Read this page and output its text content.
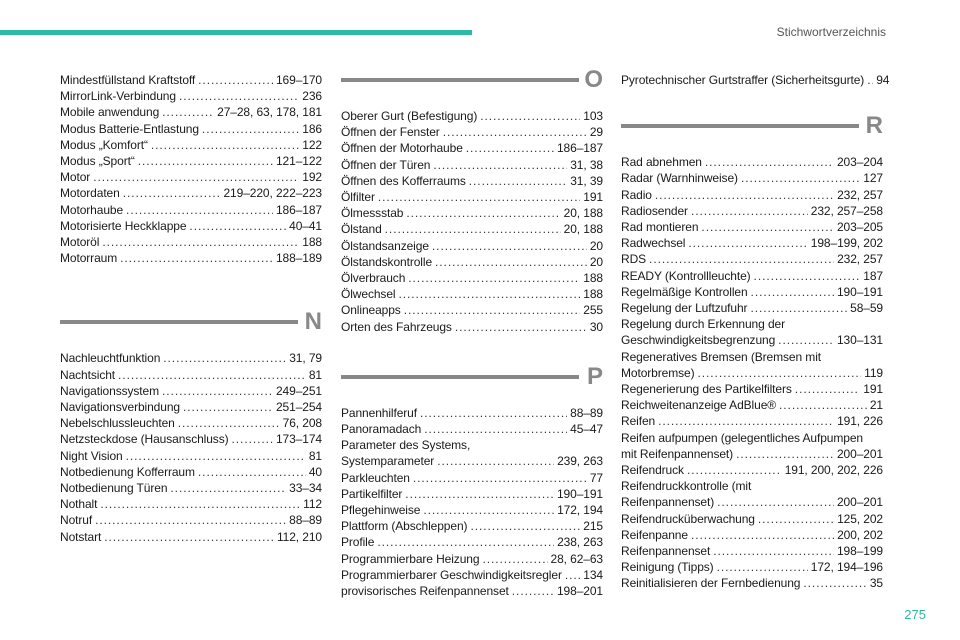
Stichwortverzeichnis
Mindestfüllstand Kraftstoff . . .	169–170
MirrorLink-Verbindung . . .	236
Mobile anwendung . . .	27–28, 63, 178, 181
Modus Batterie-Entlastung . . .	186
Modus „Komfort“ . . .	122
Modus „Sport“ . . .	121–122
Motor . . .	192
Motordaten . . .	219–220, 222–223
Motorhaube . . .	186–187
Motorisierte Heckklappe . . .	40–41
Motoröl . . .	188
Motorraum . . .	188–189
N
Nachleuchtfunktion . . .	31, 79
Nachtsicht . . .	81
Navigationssystem . . .	249–251
Navigationsverbindung . . .	251–254
Nebelschlussleuchten . . .	76, 208
Netzsteckdose (Hausanschluss) . . .	173–174
Night Vision . . .	81
Notbedienung Kofferraum . . .	40
Notbedienung Türen . . .	33–34
Nothalt . . .	112
Notruf . . .	88–89
Notstart . . .	112, 210
O
Oberer Gurt (Befestigung) . . .	103
Öffnen der Fenster . . .	29
Öffnen der Motorhaube . . .	186–187
Öffnen der Türen . . .	31, 38
Öffnen des Kofferraums . . .	31, 39
Ölfilter . . .	191
Ölmessstab . . .	20, 188
Ölstand . . .	20, 188
Ölstandsanzeige . . .	20
Ölstandskontrolle . . .	20
Ölverbrauch . . .	188
Ölwechsel . . .	188
Onlineapps . . .	255
Orten des Fahrzeugs . . .	30
P
Pannenhilferuf . . .	88–89
Panoramadach . . .	45–47
Parameter des Systems,
Systemparameter . . .	239, 263
Parkleuchten . . .	77
Partikelfilter . . .	190–191
Pflegehinweise . . .	172, 194
Plattform (Abschleppen) . . .	215
Profile . . .	238, 263
Programmierbare Heizung . . .	28, 62–63
Programmierbarer Geschwindigkeitsregler . . . 134
provisorisches Reifenpannenset . . .	198–201
Pyrotechnischer Gurtstraffer (Sicherheitsgurte) . . . 94
R
Rad abnehmen . . .	203–204
Radar (Warnhinweise) . . .	127
Radio . . .	232, 257
Radiosender . . .	232, 257–258
Rad montieren . . .	203–205
Radwechsel . . .	198–199, 202
RDS . . .	232, 257
READY (Kontrollleuchte) . . .	187
Regelmäßige Kontrollen . . .	190–191
Regelung der Luftzufuhr . . .	58–59
Regelung durch Erkennung der
Geschwindigkeitsbegrenzung . . .	130–131
Regeneratives Bremsen (Bremsen mit
Motorbremse) . . .	119
Regenerierung des Partikelfilters . . .	191
Reichweitenanzeige AdBlue® . . .	21
Reifen . . .	191, 226
Reifen aufpumpen (gelegentliches Aufpumpen
mit Reifenpannenset) . . .	200–201
Reifendruck . . .	191, 200, 202, 226
Reifendruckkontrolle (mit
Reifenpannenset) . . .	200–201
Reifendrucküberwachung . . .	125, 202
Reifenpanne . . .	200, 202
Reifenpannenset . . .	198–199
Reinigung (Tipps) . . .	172, 194–196
Reinitialisieren der Fernbedienung . . .	35
275
